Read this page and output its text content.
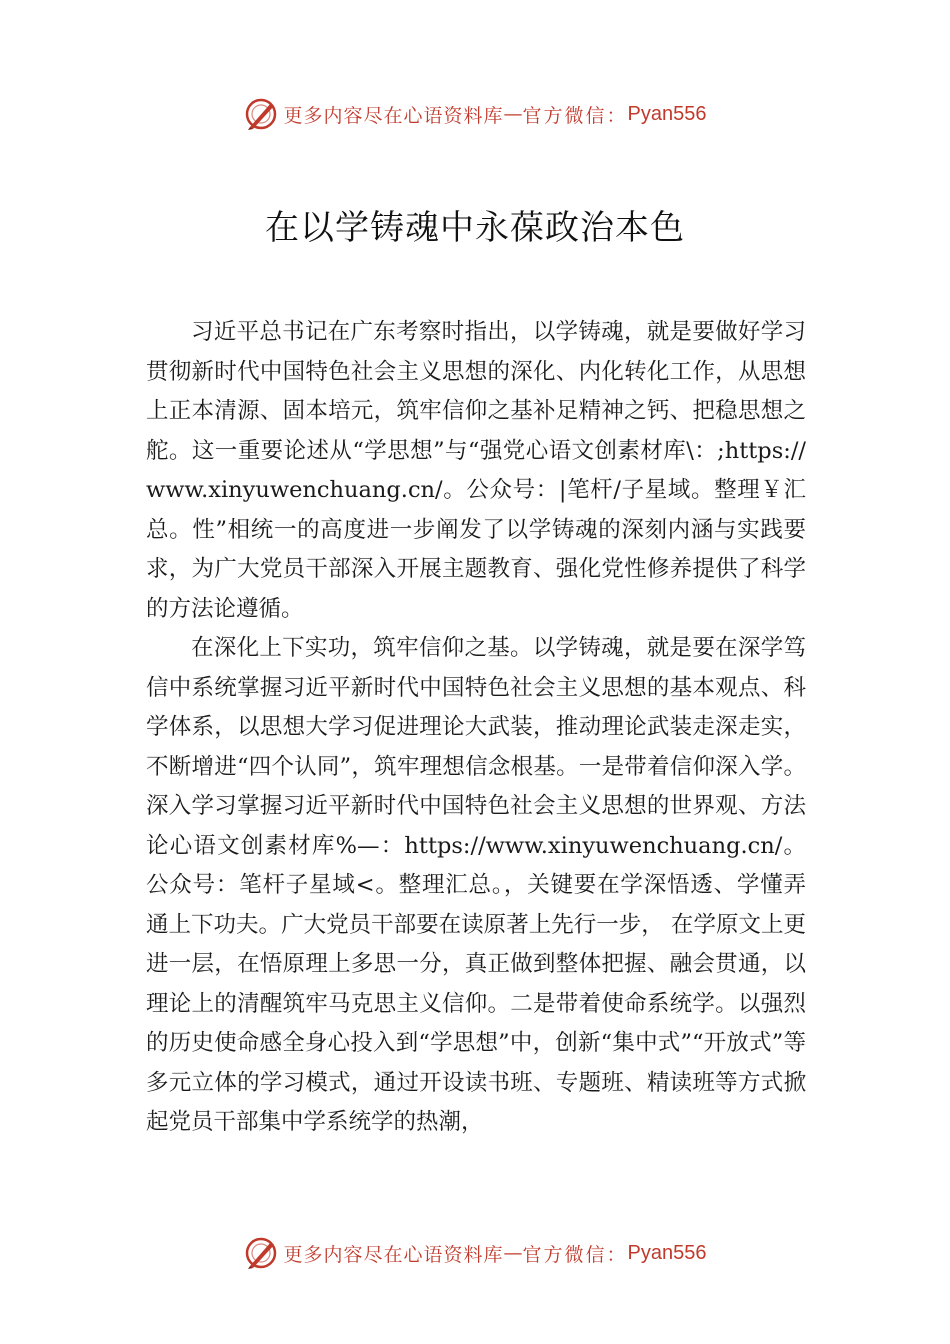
更多内容尽在心语资料库 — 官方微信： Pyan556
在以学铸魂中永葆政治本色

习近平总书记在广东考察时指出，以学铸魂，就是要做好学习贯彻新时代中国特色社会主义思想的深化、内化转化工作，从思想上正本清源、固本培元，筑牢信仰之基补足精神之钙、把稳思想之舵。这一重要论述从“学思想”与“强党心语文创素材库\：;https://www.xinyuwenchuang.cn/。公众号：|笔杆/子星域。整理￥汇总。性”相统一的高度进一步阐发了以学铸魂的深刻内涵与实践要求，为广大党员干部深入开展主题教育、强化党性修养提供了科学的方法论遵循。

在深化上下实功，筑牢信仰之基。以学铸魂，就是要在深学笃信中系统掌握习近平新时代中国特色社会主义思想的基本观点、科学体系，以思想大学习促进理论大武装，推动理论武装走深走实，不断增进“四个认同”，筑牢理想信念根基。一是带着信仰深入学。深入学习掌握习近平新时代中国特色社会主义思想的世界观、方法论心语文创素材库%—：https://www.xinyuwenchuang.cn/。公众号：笔杆子星域<。整理汇总。，关键要在学深悟透、学懂弄通上下功夫。广大党员干部要在读原著上先行一步， 在学原文上更进一层，在悟原理上多思一分，真正做到整体把握、融会贯通，以理论上的清醒筑牢马克思主义信仰。二是带着使命系统学。以强烈的历史使命感全身心投入到“学思想”中，创新“集中式”“开放式”等多元立体的学习模式，通过开设读书班、专题班、精读班等方式掀起党员干部集中学系统学的热潮，

更多内容尽在心语资料库 — 官方微信： Pyan556
